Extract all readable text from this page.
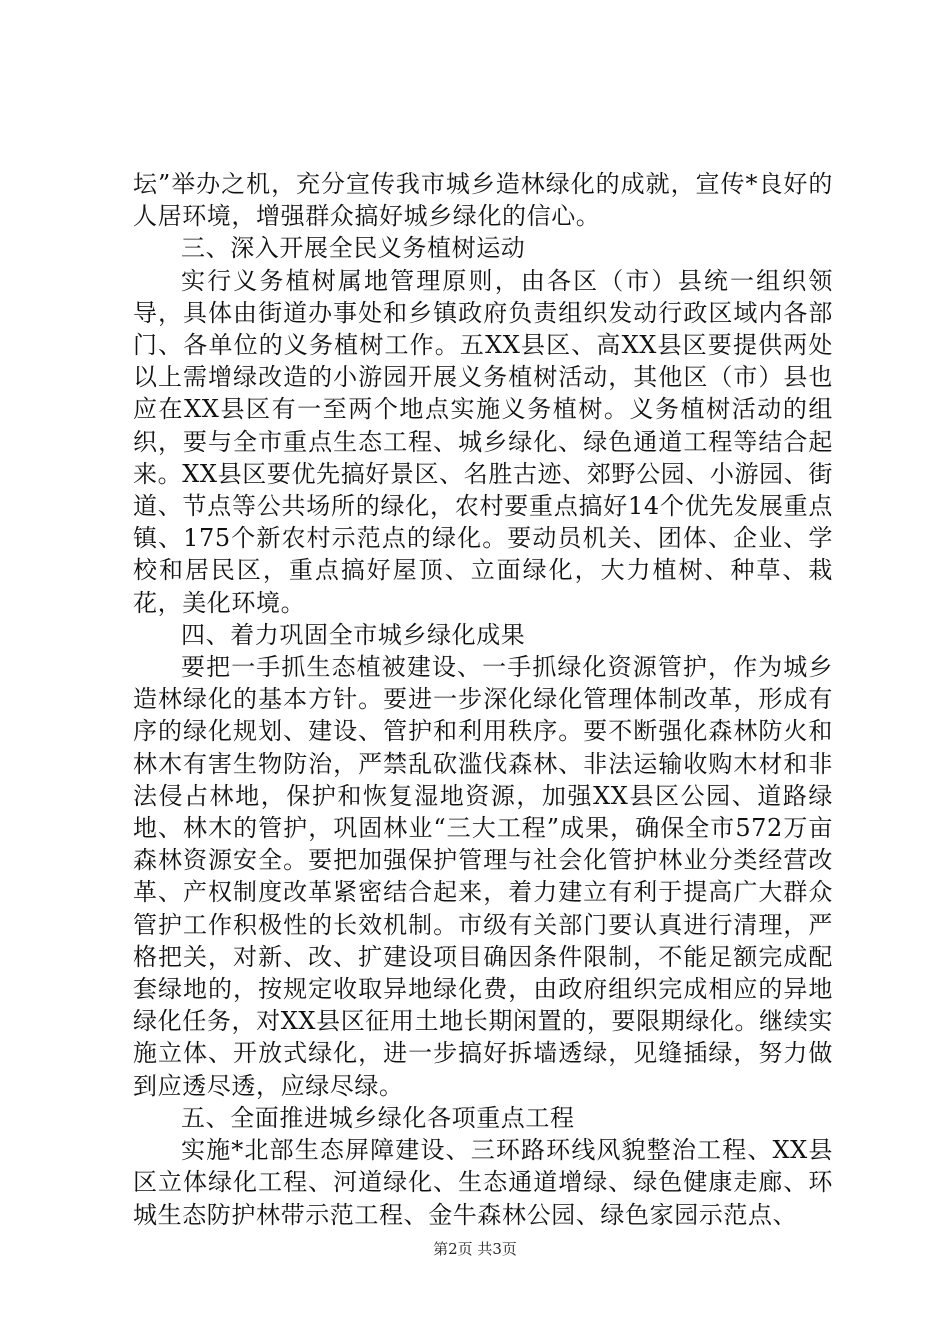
坛”举办之机，充分宣传我市城乡造林绿化的成就，宣传*良好的人居环境，增强群众搞好城乡绿化的信心。

三、深入开展全民义务植树运动

实行义务植树属地管理原则，由各区（市）县统一组织领导，具体由街道办事处和乡镇政府负责组织发动行政区域内各部门、各单位的义务植树工作。五XX县区、高XX县区要提供两处以上需增绿改造的小游园开展义务植树活动，其他区（市）县也应在XX县区有一至两个地点实施义务植树。义务植树活动的组织，要与全市重点生态工程、城乡绿化、绿色通道工程等结合起来。XX县区要优先搞好景区、名胜古迹、郊野公园、小游园、街道、节点等公共场所的绿化，农村要重点搞好14个优先发展重点镇、175个新农村示范点的绿化。要动员机关、团体、企业、学校和居民区，重点搞好屋顶、立面绿化，大力植树、种草、栽花，美化环境。

四、着力巩固全市城乡绿化成果

要把一手抓生态植被建设、一手抓绿化资源管护，作为城乡造林绿化的基本方针。要进一步深化绿化管理体制改革，形成有序的绿化规划、建设、管护和利用秩序。要不断强化森林防火和林木有害生物防治，严禁乱砍滥伐森林、非法运输收购木材和非法侵占林地，保护和恢复湿地资源，加强XX县区公园、道路绿地、林木的管护，巩固林业“三大工程”成果，确保全市572万亩森林资源安全。要把加强保护管理与社会化管护林业分类经营改革、产权制度改革紧密结合起来，着力建立有利于提高广大群众管护工作积极性的长效机制。市级有关部门要认真进行清理，严格把关，对新、改、扩建设项目确因条件限制，不能足额完成配套绿地的，按规定收取异地绿化费，由政府组织完成相应的异地绿化任务，对XX县区征用土地长期闲置的，要限期绿化。继续实施立体、开放式绿化，进一步搞好拆墙透绿，见缝插绿，努力做到应透尽透，应绿尽绿。

五、全面推进城乡绿化各项重点工程

实施*北部生态屏障建设、三环路环线风貌整治工程、XX县区立体绿化工程、河道绿化、生态通道增绿、绿色健康走廊、环城生态防护林带示范工程、金牛森林公园、绿色家园示范点、

第2页 共3页
